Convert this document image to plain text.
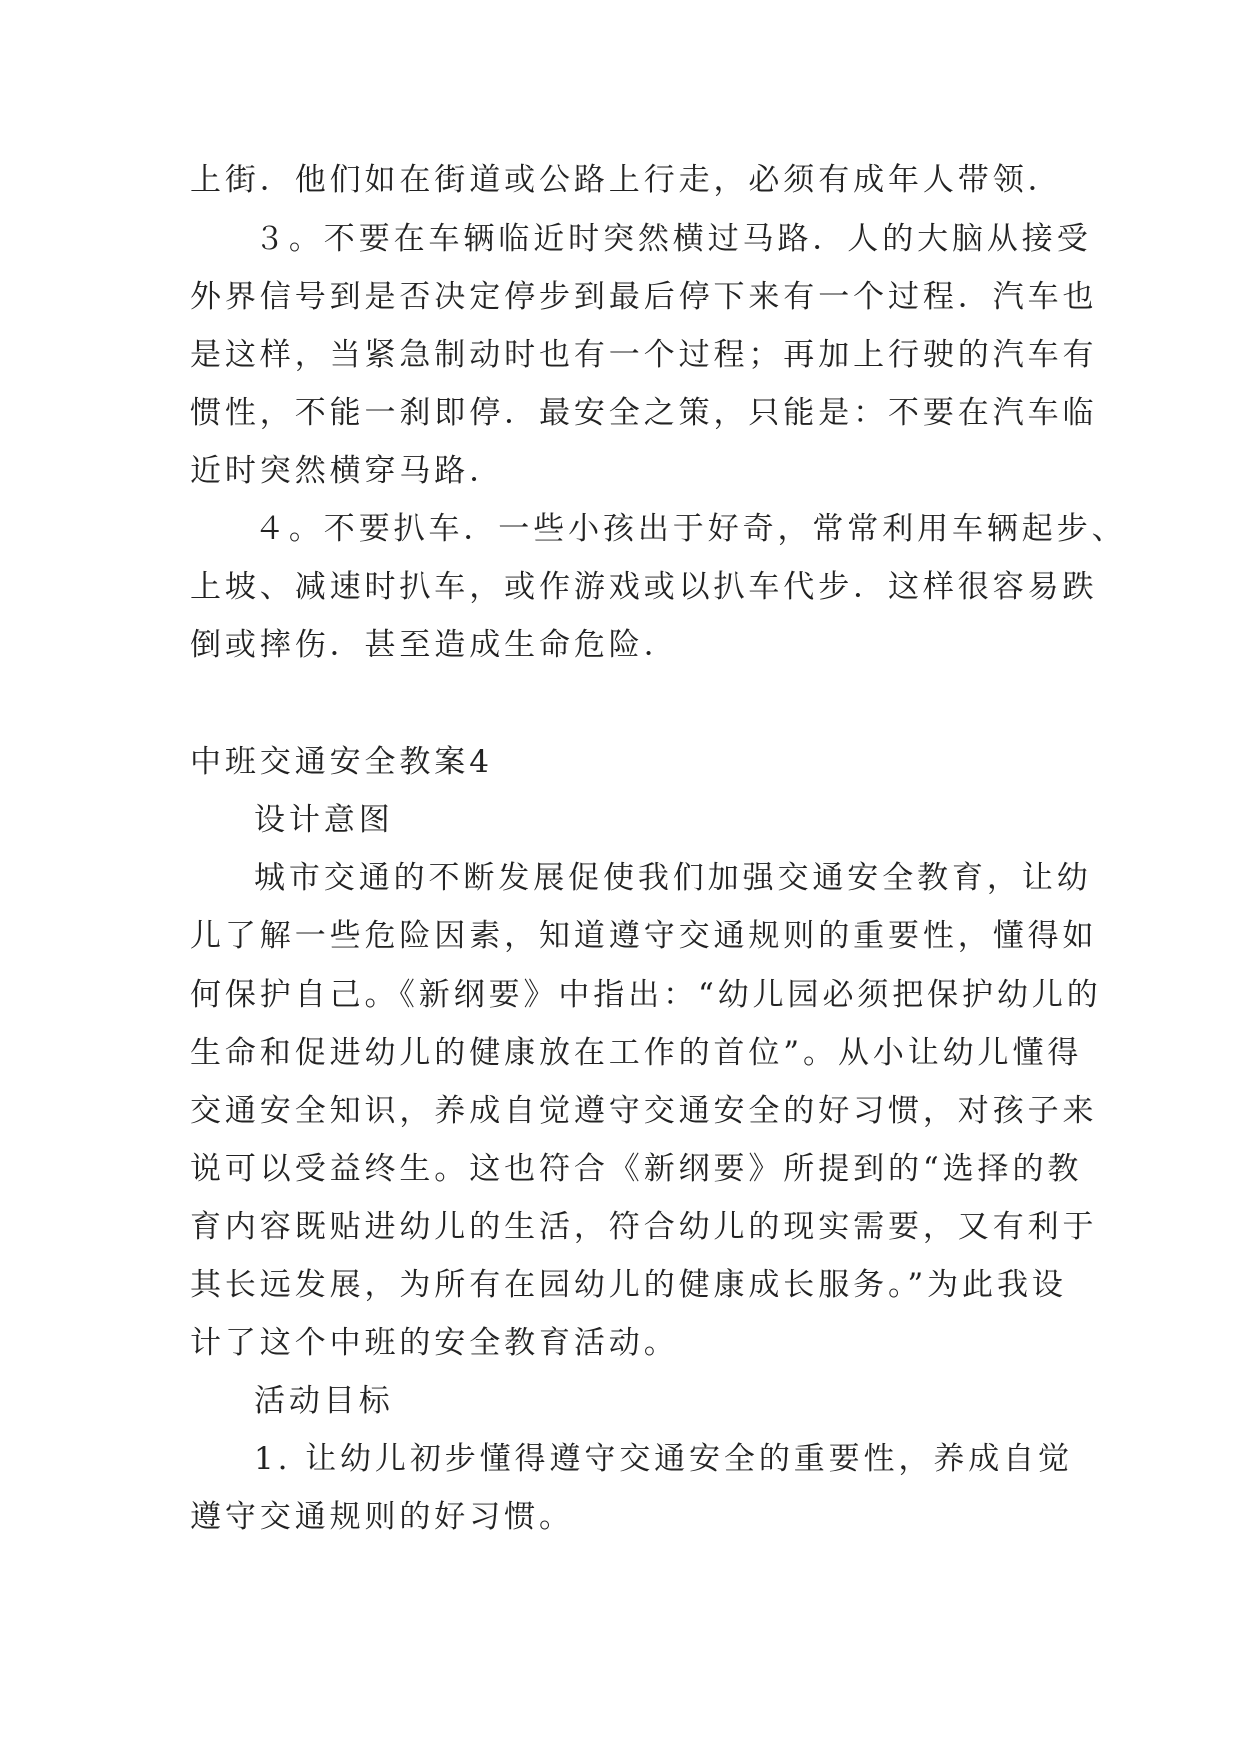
上街．他们如在街道或公路上行走，必须有成年人带领．

３。不要在车辆临近时突然横过马路．人的大脑从接受

外界信号到是否决定停步到最后停下来有一个过程．汽车也

是这样，当紧急制动时也有一个过程；再加上行驶的汽车有

惯性，不能一刹即停．最安全之策，只能是：不要在汽车临

近时突然横穿马路．

４。不要扒车．一些小孩出于好奇，常常利用车辆起步、

上坡、减速时扒车，或作游戏或以扒车代步．这样很容易跌

倒或摔伤．甚至造成生命危险．

中班交通安全教案4

设计意图

城市交通的不断发展促使我们加强交通安全教育，让幼

儿了解一些危险因素，知道遵守交通规则的重要性，懂得如

何保护自己。《新纲要》中指出：“幼儿园必须把保护幼儿的

生命和促进幼儿的健康放在工作的首位”。从小让幼儿懂得

交通安全知识，养成自觉遵守交通安全的好习惯，对孩子来

说可以受益终生。这也符合《新纲要》所提到的“选择的教

育内容既贴进幼儿的生活，符合幼儿的现实需要，又有利于

其长远发展，为所有在园幼儿的健康成长服务。”为此我设

计了这个中班的安全教育活动。

活动目标

1. 让幼儿初步懂得遵守交通安全的重要性，养成自觉

遵守交通规则的好习惯。
